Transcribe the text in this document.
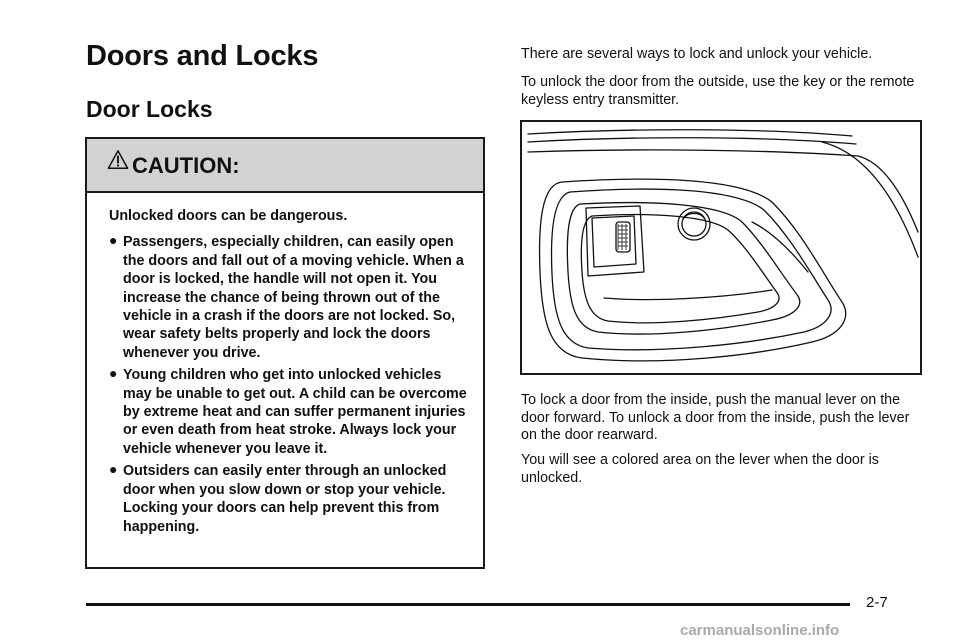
Doors and Locks
Door Locks
CAUTION:

Unlocked doors can be dangerous.

● Passengers, especially children, can easily open the doors and fall out of a moving vehicle. When a door is locked, the handle will not open it. You increase the chance of being thrown out of the vehicle in a crash if the doors are not locked. So, wear safety belts properly and lock the doors whenever you drive.
● Young children who get into unlocked vehicles may be unable to get out. A child can be overcome by extreme heat and can suffer permanent injuries or even death from heat stroke. Always lock your vehicle whenever you leave it.
● Outsiders can easily enter through an unlocked door when you slow down or stop your vehicle. Locking your doors can help prevent this from happening.

There are several ways to lock and unlock your vehicle.

To unlock the door from the outside, use the key or the remote keyless entry transmitter.

To lock a door from the inside, push the manual lever on the door forward. To unlock a door from the inside, push the lever on the door rearward.

You will see a colored area on the lever when the door is unlocked.

2-7
carmanualsonline.info
